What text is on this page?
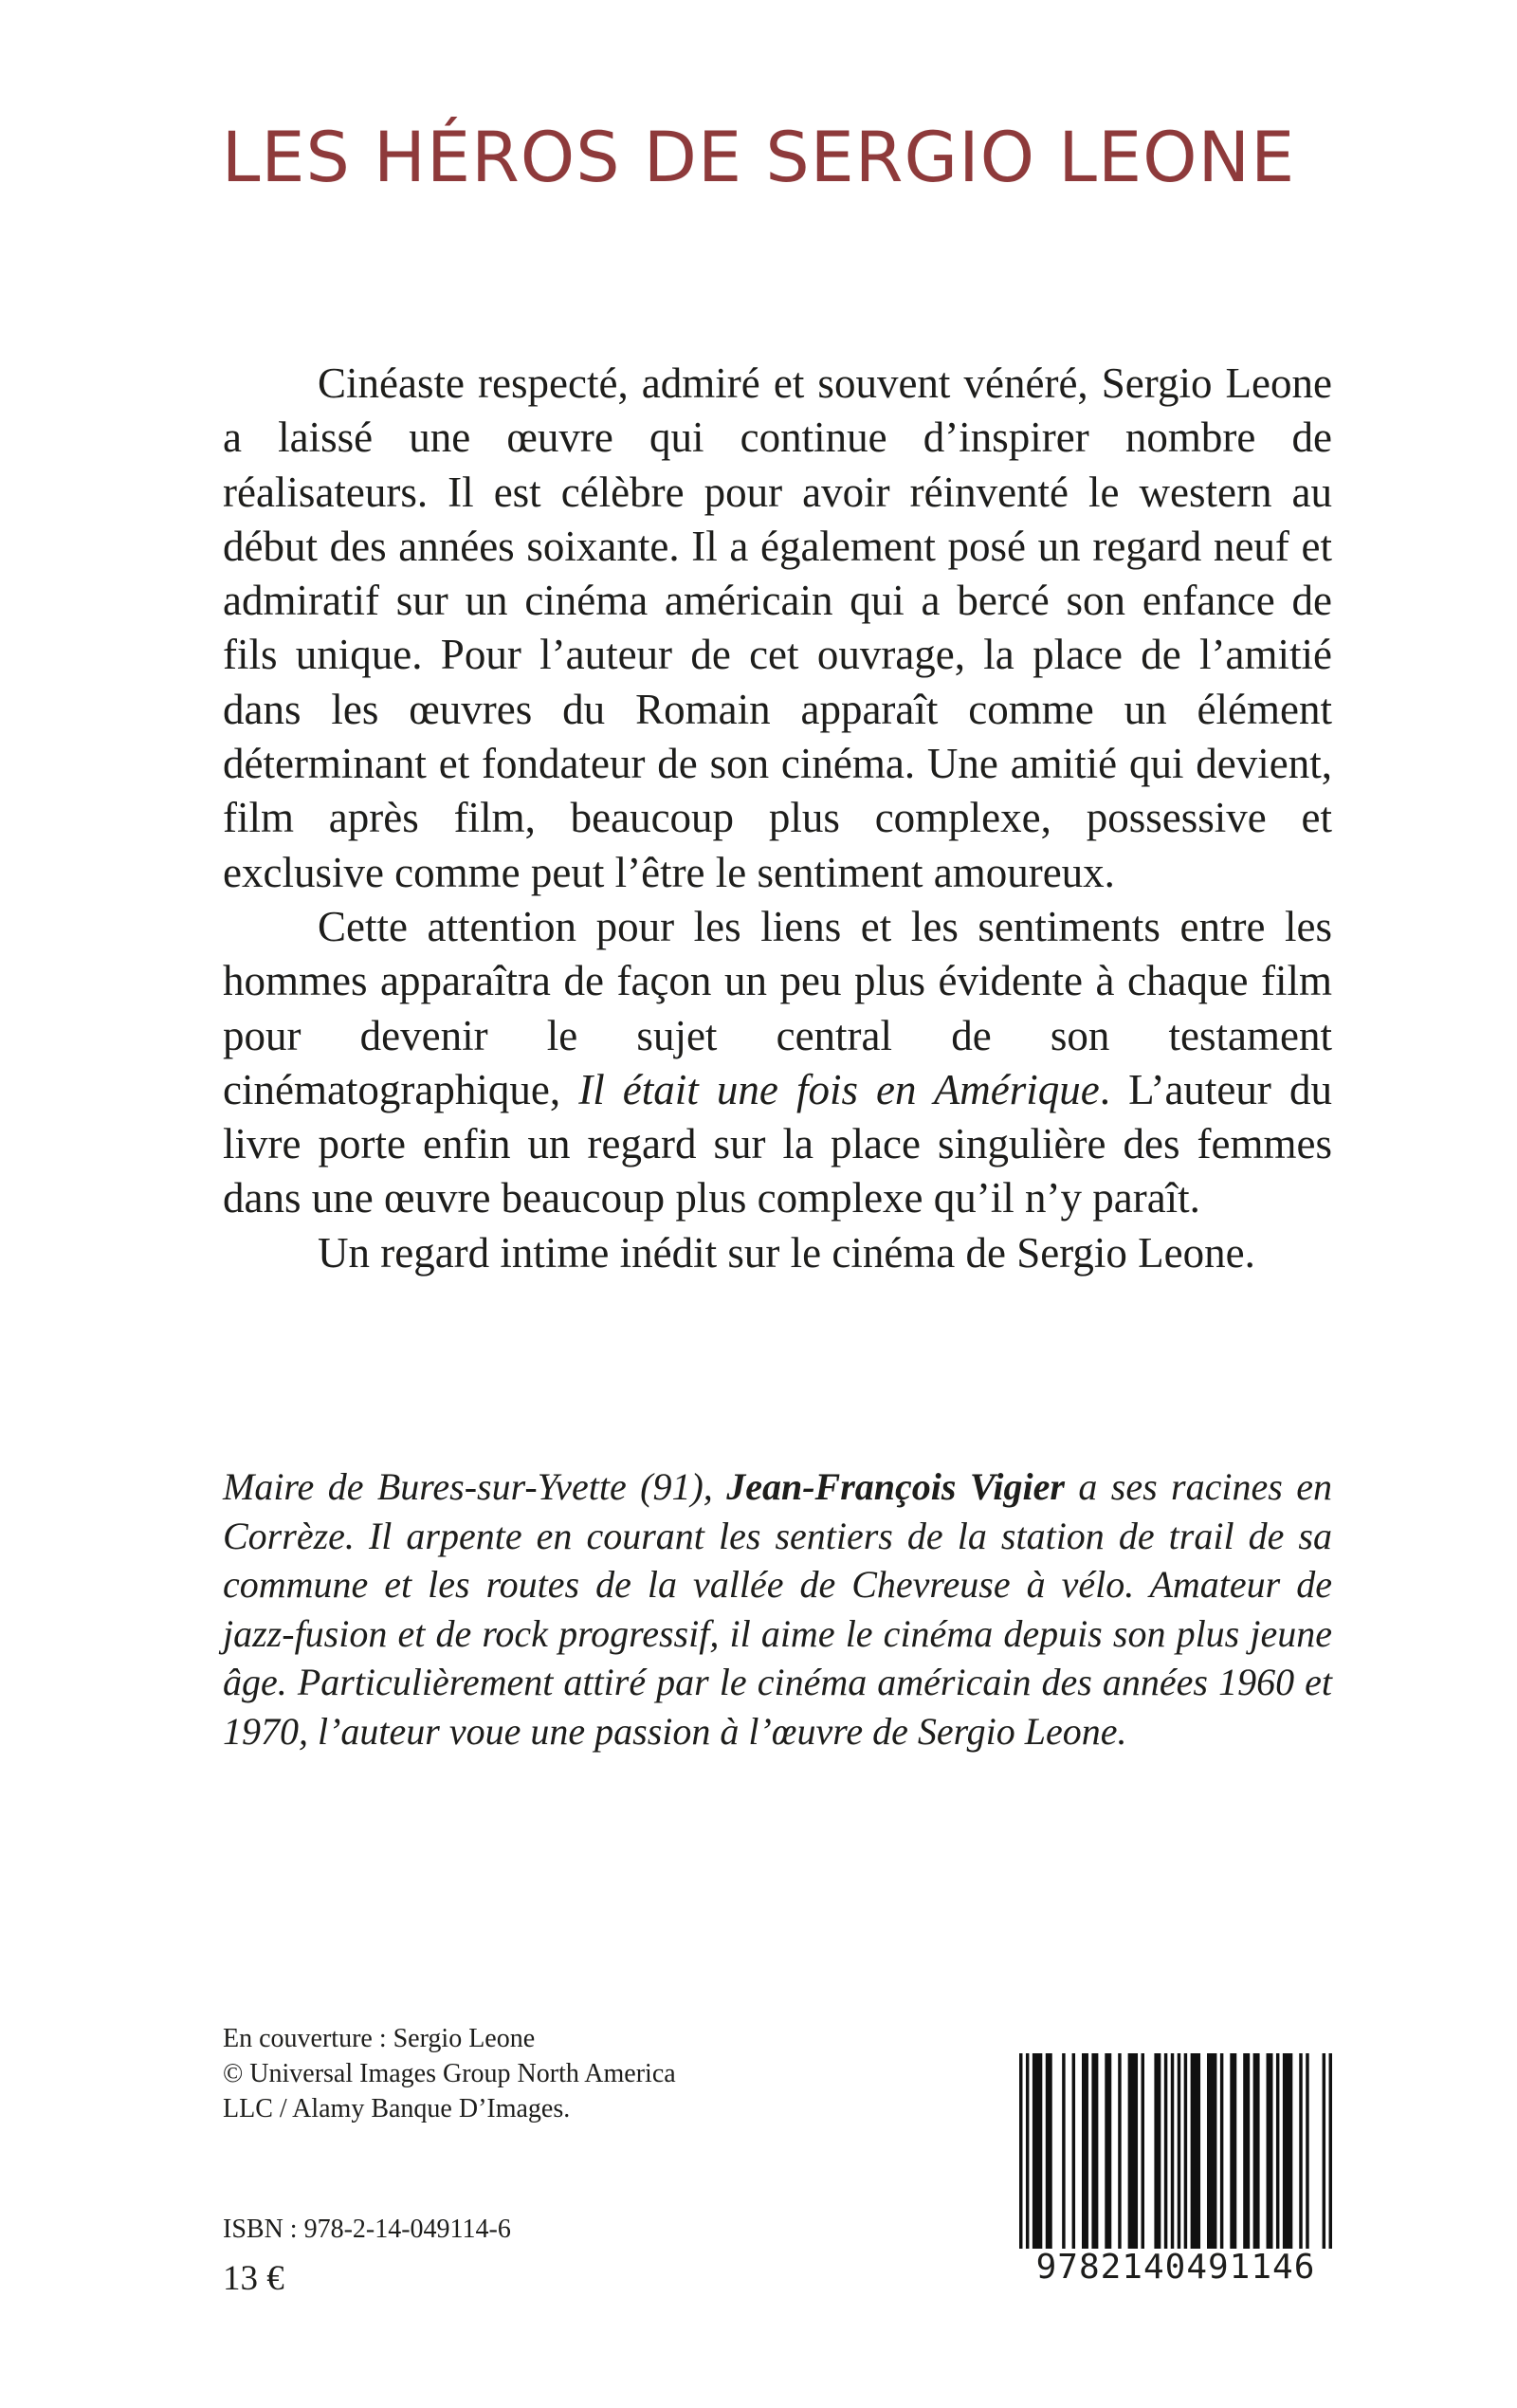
LES HÉROS DE SERGIO LEONE

Cinéaste respecté, admiré et souvent vénéré, Sergio Leone a laissé une œuvre qui continue d’inspirer nombre de réalisateurs. Il est célèbre pour avoir réinventé le western au début des années soixante. Il a également posé un regard neuf et admiratif sur un cinéma américain qui a bercé son enfance de fils unique. Pour l’auteur de cet ouvrage, la place de l’amitié dans les œuvres du Romain apparaît comme un élément déterminant et fondateur de son cinéma. Une amitié qui devient, film après film, beaucoup plus complexe, possessive et exclusive comme peut l’être le sentiment amoureux.

Cette attention pour les liens et les sentiments entre les hommes apparaîtra de façon un peu plus évidente à chaque film pour devenir le sujet central de son testament cinématographique, Il était une fois en Amérique. L’auteur du livre porte enfin un regard sur la place singulière des femmes dans une œuvre beaucoup plus complexe qu’il n’y paraît.

Un regard intime inédit sur le cinéma de Sergio Leone.

Maire de Bures-sur-Yvette (91), Jean-François Vigier a ses racines en Corrèze. Il arpente en courant les sentiers de la station de trail de sa commune et les routes de la vallée de Chevreuse à vélo. Amateur de jazz-fusion et de rock progressif, il aime le cinéma depuis son plus jeune âge. Particulièrement attiré par le cinéma américain des années 1960 et 1970, l’auteur voue une passion à l’œuvre de Sergio Leone.

En couverture : Sergio Leone
© Universal Images Group North America
LLC / Alamy Banque D’Images.
ISBN : 978-2-14-049114-6
13 €	9782140491146
